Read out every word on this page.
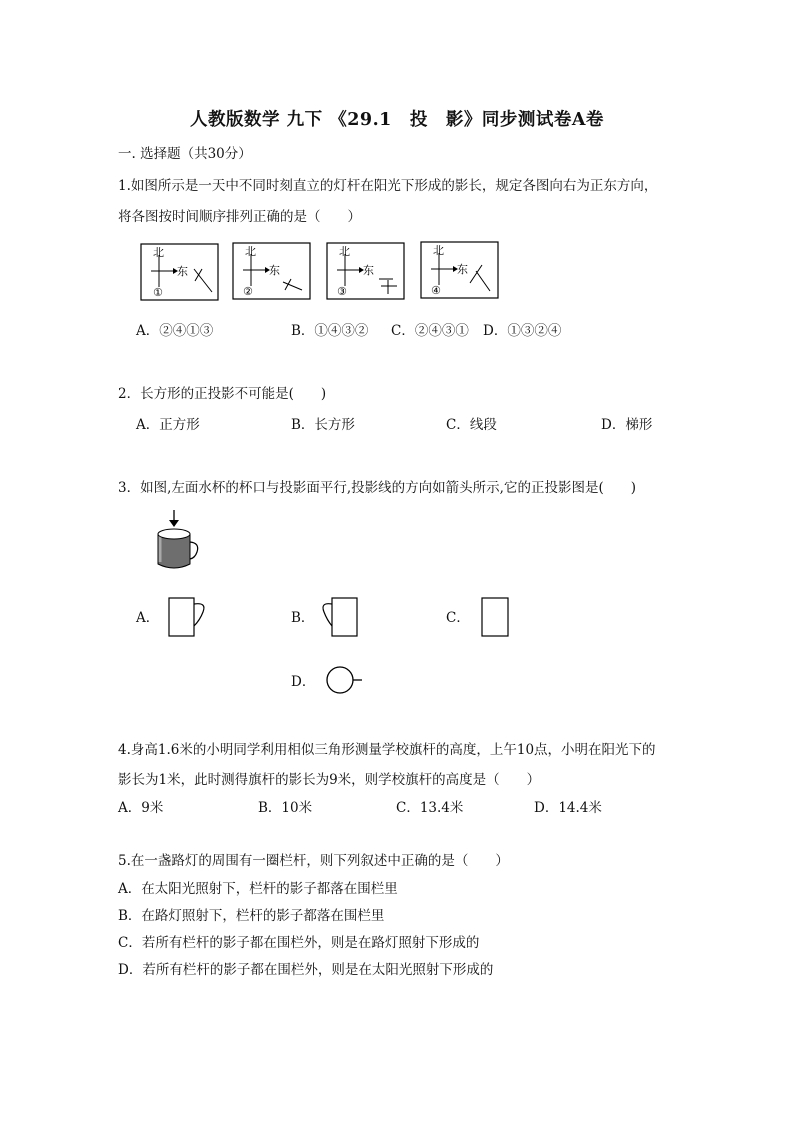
人教版数学 九下 《29.1　投　影》同步测试卷A卷
一. 选择题（共30分）
1.如图所示是一天中不同时刻直立的灯杆在阳光下形成的影长，规定各图向右为正东方向，
将各图按时间顺序排列正确的是（　　）
北
东
①
北
东
②
北
东
③
北
东
④
A．②④①③	B．①④③② C．②④③① D．①③②④
2．长方形的正投影不可能是(　　)
A．正方形	B．长方形	C．线段	D．梯形
3．如图,左面水杯的杯口与投影面平行,投影线的方向如箭头所示,它的正投影图是(　　)
A．	B．	C．
D．
4.身高1.6米的小明同学利用相似三角形测量学校旗杆的高度，上午10点，小明在阳光下的
影长为1米，此时测得旗杆的影长为9米，则学校旗杆的高度是（　　）
A．9米	B．10米	C．13.4米	D．14.4米
5.在一盏路灯的周围有一圈栏杆，则下列叙述中正确的是（　　）
A．在太阳光照射下，栏杆的影子都落在围栏里
B．在路灯照射下，栏杆的影子都落在围栏里
C．若所有栏杆的影子都在围栏外，则是在路灯照射下形成的
D．若所有栏杆的影子都在围栏外，则是在太阳光照射下形成的
